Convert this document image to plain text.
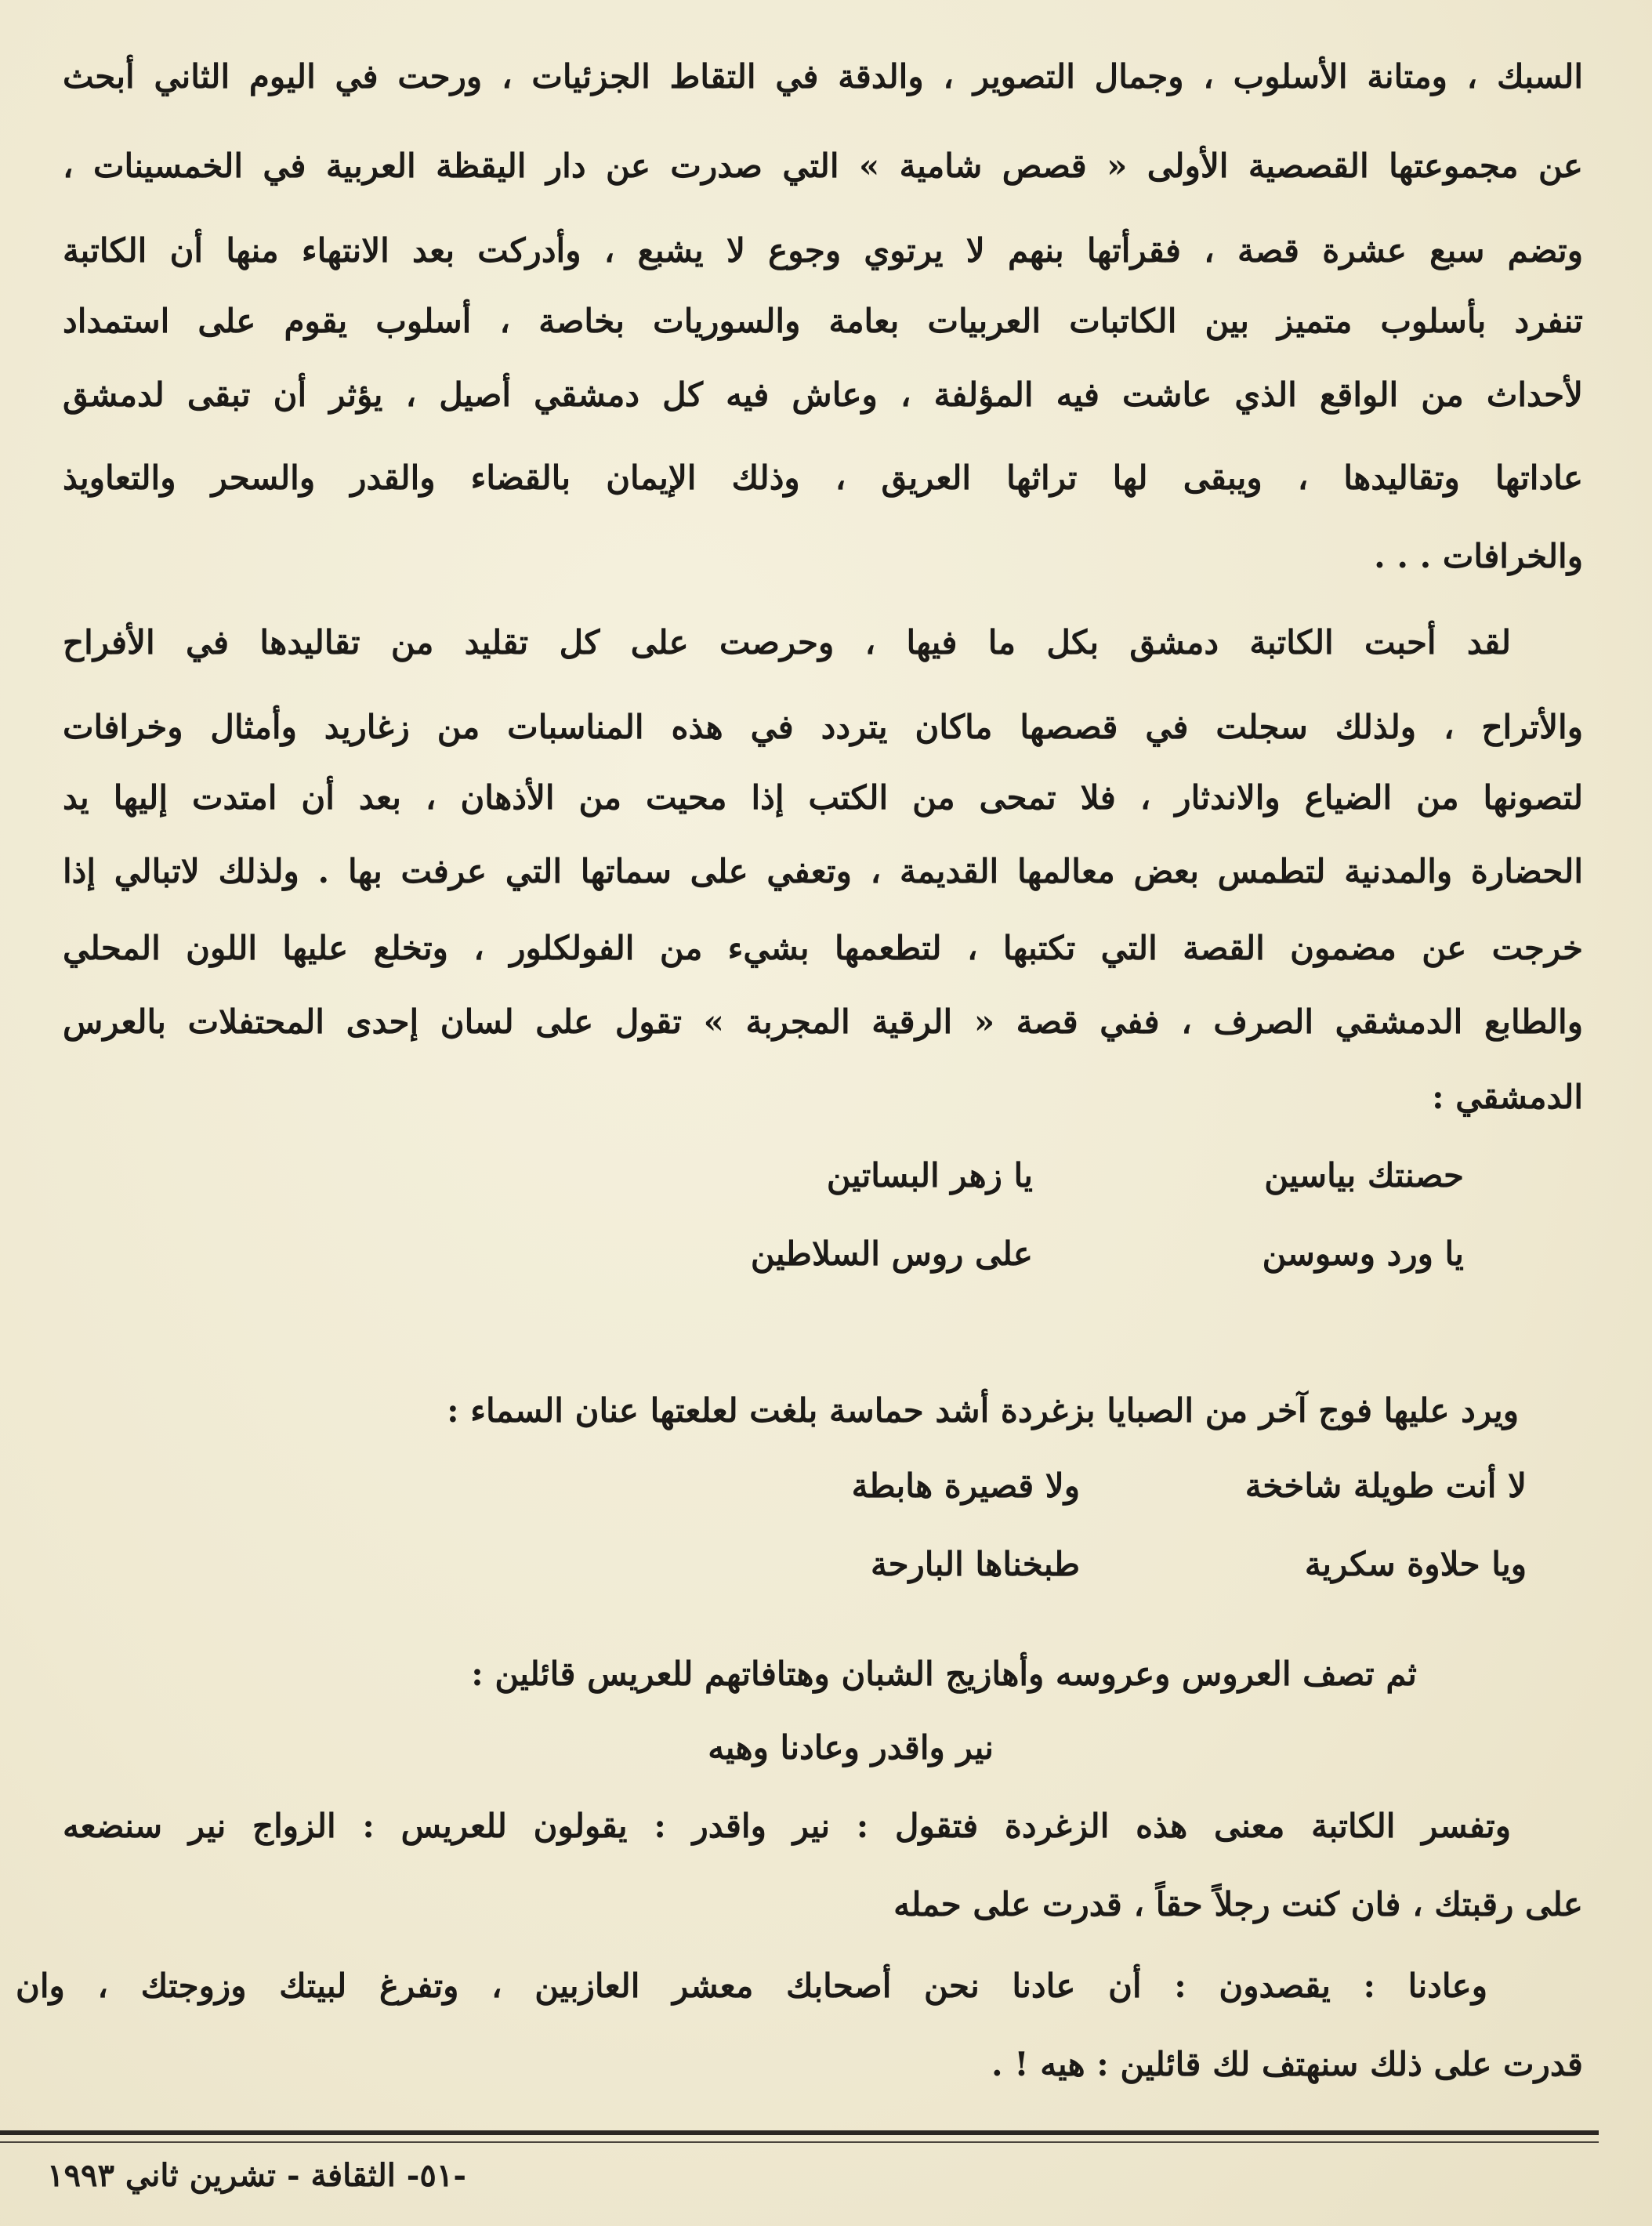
السبك ، ومتانة الأسلوب ، وجمال التصوير ، والدقة في التقاط الجزئيات ، ورحت في اليوم الثاني أبحث
عن مجموعتها القصصية الأولى « قصص شامية » التي صدرت عن دار اليقظة العربية في الخمسينات ،
وتضم سبع عشرة قصة ، فقرأتها بنهم لا يرتوي وجوع لا يشبع ، وأدركت بعد الانتهاء منها أن الكاتبة
تنفرد بأسلوب متميز بين الكاتبات العربيات بعامة والسوريات بخاصة ، أسلوب يقوم على استمداد
لأحداث من الواقع الذي عاشت فيه المؤلفة ، وعاش فيه كل دمشقي أصيل ، يؤثر أن تبقى لدمشق
عاداتها وتقاليدها ، ويبقى لها تراثها العريق ، وذلك الإيمان بالقضاء والقدر والسحر والتعاويذ
والخرافات . . .
لقد أحبت الكاتبة دمشق بكل ما فيها ، وحرصت على كل تقليد من تقاليدها في الأفراح
والأتراح ، ولذلك سجلت في قصصها ماكان يتردد في هذه المناسبات من زغاريد وأمثال وخرافات
لتصونها من الضياع والاندثار ، فلا تمحى من الكتب إذا محيت من الأذهان ، بعد أن امتدت إليها يد
الحضارة والمدنية لتطمس بعض معالمها القديمة ، وتعفي على سماتها التي عرفت بها . ولذلك لاتبالي إذا
خرجت عن مضمون القصة التي تكتبها ، لتطعمها بشيء من الفولكلور ، وتخلع عليها اللون المحلي
والطابع الدمشقي الصرف ، ففي قصة « الرقية المجربة » تقول على لسان إحدى المحتفلات بالعرس
الدمشقي :
حصنتك بياسين
يا زهر البساتين
يا ورد وسوسن
على روس السلاطين
ويرد عليها فوج آخر من الصبايا بزغردة أشد حماسة بلغت لعلعتها عنان السماء :
لا أنت طويلة شاخخة
ولا قصيرة هابطة
ويا حلاوة سكرية
طبخناها البارحة
ثم تصف العروس وعروسه وأهازيج الشبان وهتافاتهم للعريس قائلين :
نير واقدر وعادنا وهيه
وتفسر الكاتبة معنى هذه الزغردة فتقول : نير واقدر : يقولون للعريس : الزواج نير سنضعه
على رقبتك ، فان كنت رجلاً حقاً ، قدرت على حمله
وعادنا : يقصدون : أن عادنا نحن أصحابك معشر العازبين ، وتفرغ لبيتك وزوجتك ، وان
قدرت على ذلك سنهتف لك قائلين : هيه ! .
-٥١- الثقافة - تشرين ثاني ١٩٩٣
